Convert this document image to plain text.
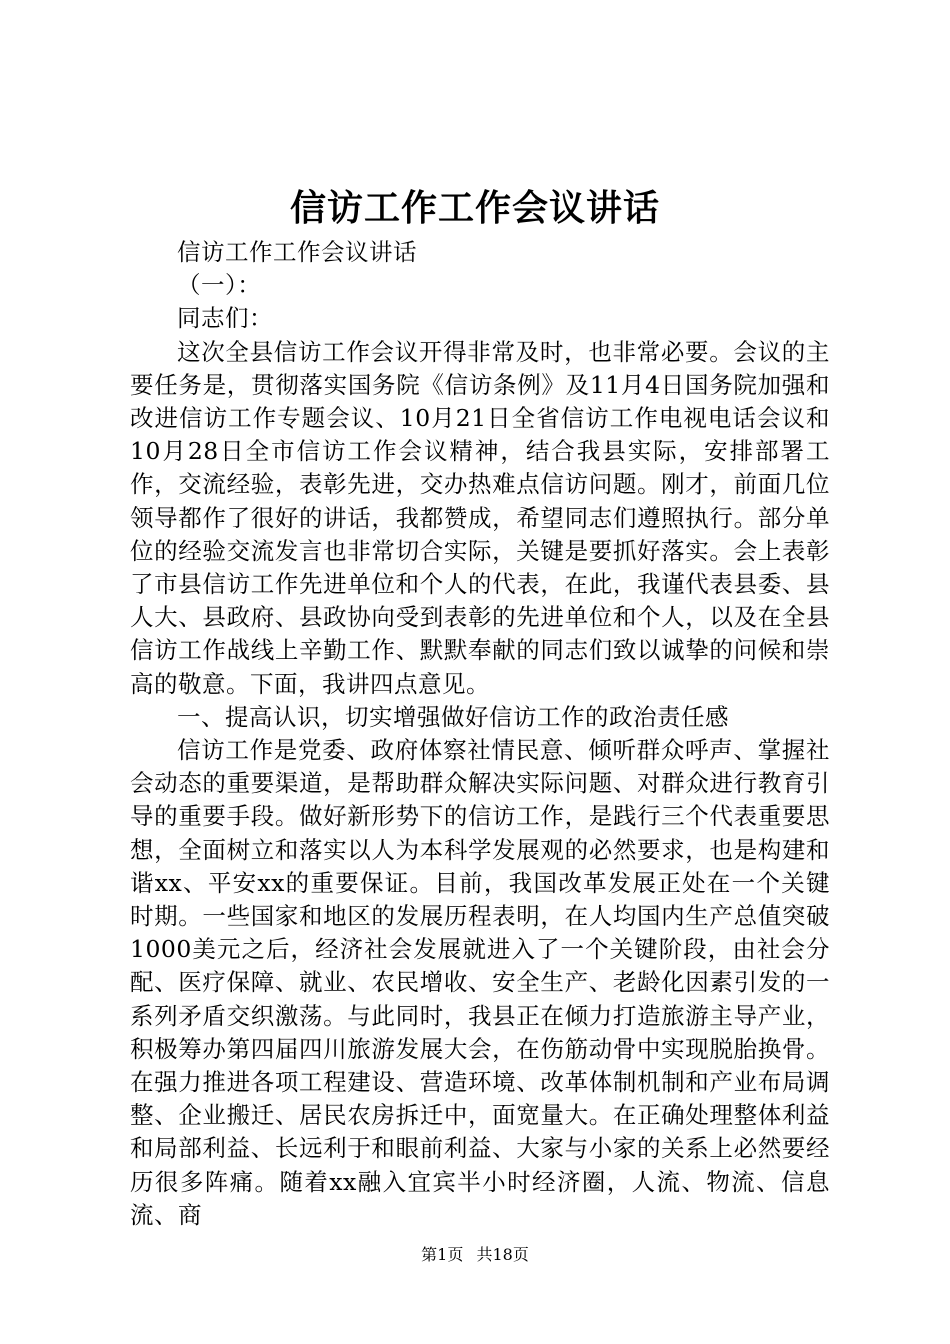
信访工作工作会议讲话

信访工作工作会议讲话

（一）：

同志们：

这次全县信访工作会议开得非常及时，也非常必要。会议的主要任务是，贯彻落实国务院《信访条例》及11月4日国务院加强和改进信访工作专题会议、10月21日全省信访工作电视电话会议和10月28日全市信访工作会议精神，结合我县实际，安排部署工作，交流经验，表彰先进，交办热难点信访问题。刚才，前面几位领导都作了很好的讲话，我都赞成，希望同志们遵照执行。部分单位的经验交流发言也非常切合实际，关键是要抓好落实。会上表彰了市县信访工作先进单位和个人的代表，在此，我谨代表县委、县人大、县政府、县政协向受到表彰的先进单位和个人，以及在全县信访工作战线上辛勤工作、默默奉献的同志们致以诚挚的问候和崇高的敬意。下面，我讲四点意见。

一、提高认识，切实增强做好信访工作的政治责任感

信访工作是党委、政府体察社情民意、倾听群众呼声、掌握社会动态的重要渠道，是帮助群众解决实际问题、对群众进行教育引导的重要手段。做好新形势下的信访工作，是践行三个代表重要思想，全面树立和落实以人为本科学发展观的必然要求，也是构建和谐xx、平安xx的重要保证。目前，我国改革发展正处在一个关键时期。一些国家和地区的发展历程表明，在人均国内生产总值突破1000美元之后，经济社会发展就进入了一个关键阶段，由社会分配、医疗保障、就业、农民增收、安全生产、老龄化因素引发的一系列矛盾交织激荡。与此同时，我县正在倾力打造旅游主导产业，积极筹办第四届四川旅游发展大会，在伤筋动骨中实现脱胎换骨。在强力推进各项工程建设、营造环境、改革体制机制和产业布局调整、企业搬迁、居民农房拆迁中，面宽量大。在正确处理整体利益和局部利益、长远利于和眼前利益、大家与小家的关系上必然要经历很多阵痛。随着xx融入宜宾半小时经济圈，人流、物流、信息流、商

第1页 共18页
